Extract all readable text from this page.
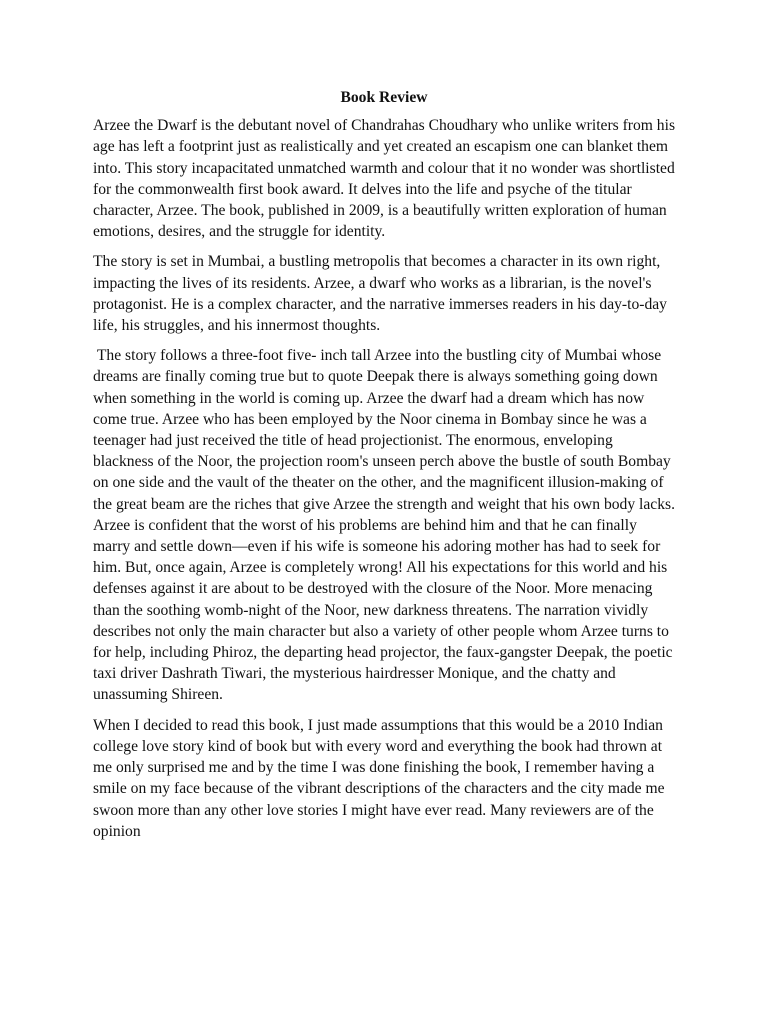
Book Review

Arzee the Dwarf is the debutant novel of Chandrahas Choudhary who unlike writers from his age has left a footprint just as realistically and yet created an escapism one can blanket them into. This story incapacitated unmatched warmth and colour that it no wonder was shortlisted for the commonwealth first book award. It delves into the life and psyche of the titular character, Arzee. The book, published in 2009, is a beautifully written exploration of human emotions, desires, and the struggle for identity.

The story is set in Mumbai, a bustling metropolis that becomes a character in its own right, impacting the lives of its residents. Arzee, a dwarf who works as a librarian, is the novel's protagonist. He is a complex character, and the narrative immerses readers in his day-to-day life, his struggles, and his innermost thoughts.

The story follows a three-foot five- inch tall Arzee into the bustling city of Mumbai whose dreams are finally coming true but to quote Deepak there is always something going down when something in the world is coming up. Arzee the dwarf had a dream which has now come true. Arzee who has been employed by the Noor cinema in Bombay since he was a teenager had just received the title of head projectionist. The enormous, enveloping blackness of the Noor, the projection room's unseen perch above the bustle of south Bombay on one side and the vault of the theater on the other, and the magnificent illusion-making of the great beam are the riches that give Arzee the strength and weight that his own body lacks. Arzee is confident that the worst of his problems are behind him and that he can finally marry and settle down—even if his wife is someone his adoring mother has had to seek for him. But, once again, Arzee is completely wrong! All his expectations for this world and his defenses against it are about to be destroyed with the closure of the Noor. More menacing than the soothing womb-night of the Noor, new darkness threatens. The narration vividly describes not only the main character but also a variety of other people whom Arzee turns to for help, including Phiroz, the departing head projector, the faux-gangster Deepak, the poetic taxi driver Dashrath Tiwari, the mysterious hairdresser Monique, and the chatty and unassuming Shireen.

When I decided to read this book, I just made assumptions that this would be a 2010 Indian college love story kind of book but with every word and everything the book had thrown at me only surprised me and by the time I was done finishing the book, I remember having a smile on my face because of the vibrant descriptions of the characters and the city made me swoon more than any other love stories I might have ever read. Many reviewers are of the opinion
